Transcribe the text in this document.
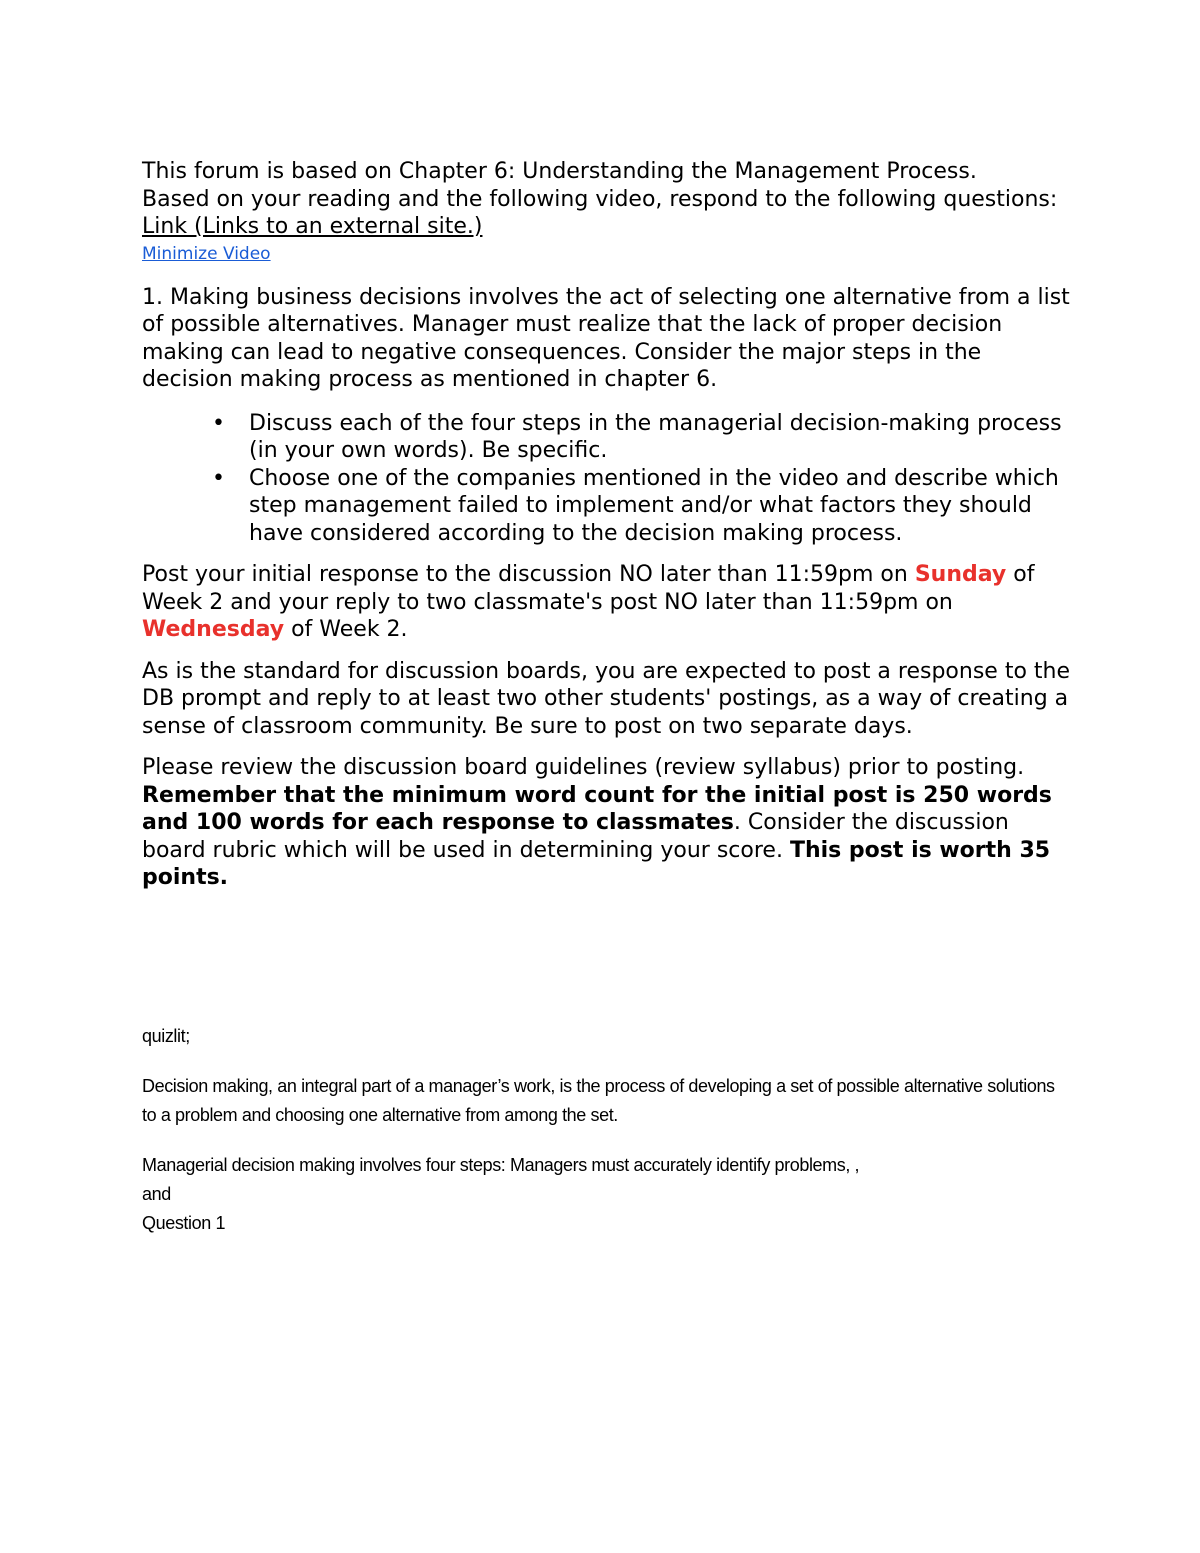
This forum is based on Chapter 6: Understanding the Management Process.

Based on your reading and the following video, respond to the following questions:

Link (Links to an external site.)
Minimize Video

1. Making business decisions involves the act of selecting one alternative from a list of possible alternatives. Manager must realize that the lack of proper decision making can lead to negative consequences. Consider the major steps in the decision making process as mentioned in chapter 6.

• Discuss each of the four steps in the managerial decision-making process (in your own words). Be specific.
• Choose one of the companies mentioned in the video and describe which step management failed to implement and/or what factors they should have considered according to the decision making process.

Post your initial response to the discussion NO later than 11:59pm on Sunday of Week 2 and your reply to two classmate's post NO later than 11:59pm on Wednesday of Week 2.

As is the standard for discussion boards, you are expected to post a response to the DB prompt and reply to at least two other students' postings, as a way of creating a sense of classroom community. Be sure to post on two separate days.

Please review the discussion board guidelines (review syllabus) prior to posting. Remember that the minimum word count for the initial post is 250 words and 100 words for each response to classmates. Consider the discussion board rubric which will be used in determining your score. This post is worth 35 points.

quizlit;

Decision making, an integral part of a manager’s work, is the process of developing a set of possible alternative solutions to a problem and choosing one alternative from among the set.

Managerial decision making involves four steps: Managers must accurately identify problems, ,

and

Question 1
